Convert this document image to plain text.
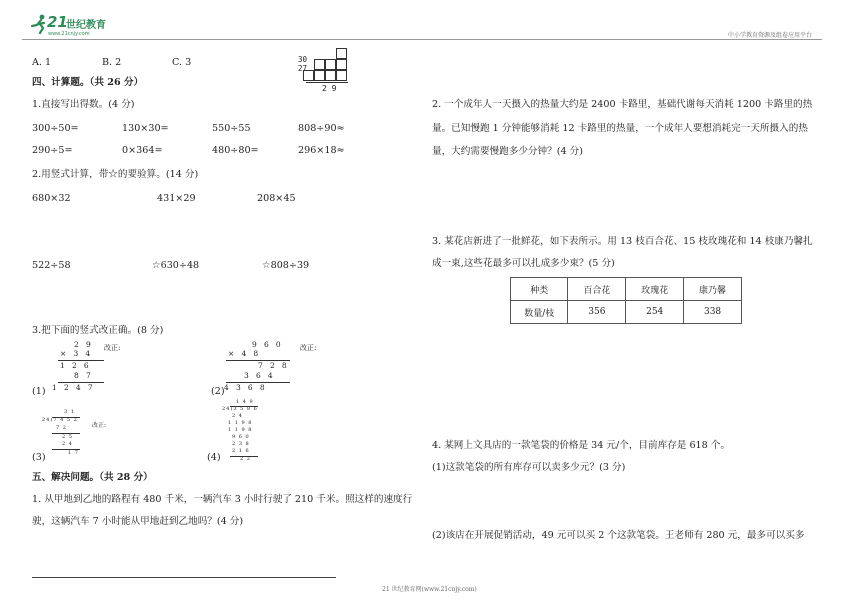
21
世纪教育
www.21cnjy.com	中小学教育资源及组卷应用平台
A. 1	B. 2	C. 3	30
27
2 9
四、计算题。（共 26 分）
1.直接写出得数。(4 分)
300÷50=	130×30=	550÷55	808÷90≈
290÷5=	0×364=	480÷80=	296×18≈
2.用竖式计算，带☆的要验算。(14 分)
680×32	431×29	208×45
522÷58	☆630÷48	☆808÷39
3.把下面的竖式改正确。(8 分)
2 9
× 3 4
1 2 6
8 7
1 2 4 7
改正:
(1)
9 6 0
× 4 8
7 2 8
3 6 4
4 3 6 8
改正:
(2)
3 1
24)7 4 5 2
7 2
2 5
2 4
1 7
改正:
(3)
1 4 9
24)3 5 8 6
2 4
1 1 9 8
1 1 9 8
9 6 0
2 3 8
2 1 6
2 2
(4)
五、解决问题。（共 28 分）
1. 从甲地到乙地的路程有 480 千米，一辆汽车 3 小时行驶了 210 千米。照这样的速度行
驶，这辆汽车 7 小时能从甲地赶到乙地吗？(4 分)
2. 一个成年人一天摄入的热量大约是 2400 卡路里，基础代谢每天消耗 1200 卡路里的热
量。已知慢跑 1 分钟能够消耗 12 卡路里的热量，一个成年人要想消耗完一天所摄入的热
量，大约需要慢跑多少分钟？(4 分)
3. 某花店新进了一批鲜花，如下表所示。用 13 枝百合花、15 枝玫瑰花和 14 枝康乃馨扎
成一束,这些花最多可以扎成多少束？(5 分)
种类	百合花	玫瑰花	康乃馨
数量/枝	356	254	338
4. 某网上文具店的一款笔袋的价格是 34 元/个，目前库存是 618 个。
(1)这款笔袋的所有库存可以卖多少元？(3 分)
(2)该店在开展促销活动，49 元可以买 2 个这款笔袋。王老师有 280 元，最多可以买多
21 世纪教育网(www.21cnjy.com)
